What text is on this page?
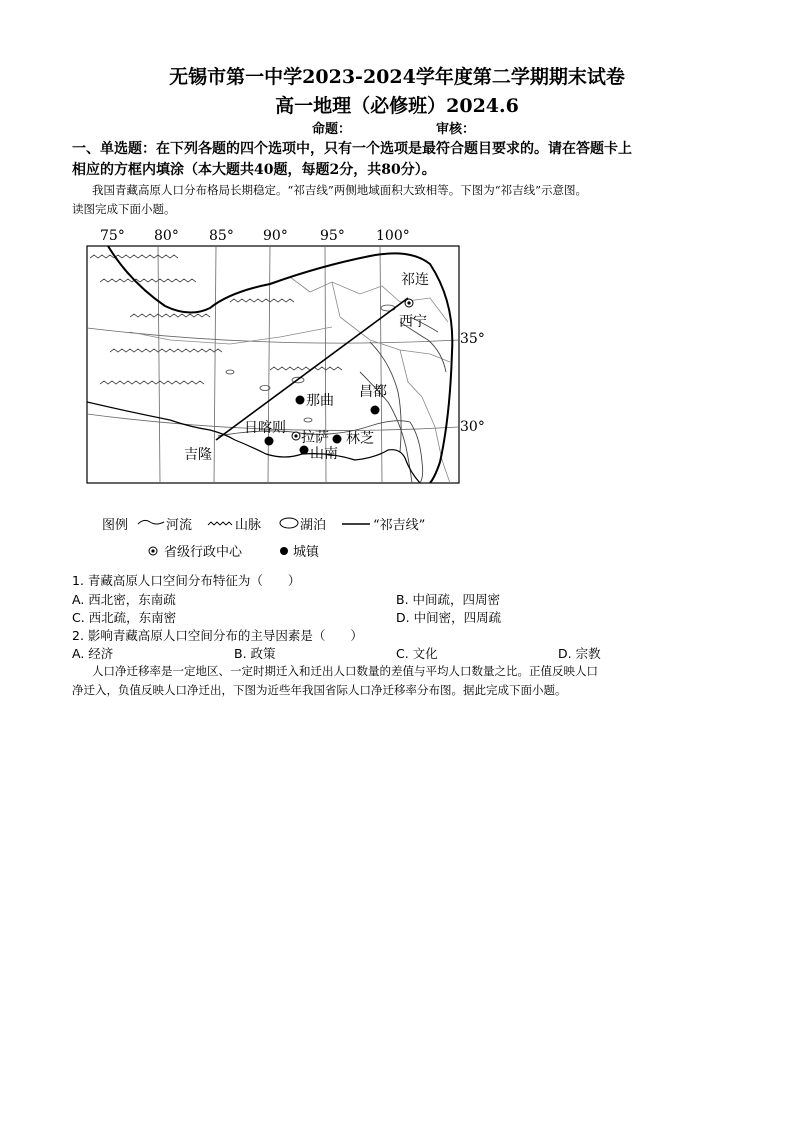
无锡市第一中学2023-2024学年度第二学期期末试卷
高一地理（必修班）2024.6
命题：	审核：
一、单选题：在下列各题的四个选项中，只有一个选项是最符合题目要求的。请在答题卡上
相应的方框内填涂（本大题共40题，每题2分，共80分）。
我国青藏高原人口分布格局长期稳定。“祁吉线”两侧地域面积大致相等。下图为“祁吉线”示意图。
读图完成下面小题。
75° 80° 85° 90° 95° 100°
35°
30°
祁连
西宁
那曲
昌都
日喀则
拉萨 林芝
山南
吉隆
图例	河流	山脉	湖泊	“祁吉线”
省级行政中心	城镇
1. 青藏高原人口空间分布特征为（　　）
A. 西北密，东南疏	B. 中间疏，四周密
C. 西北疏，东南密	D. 中间密，四周疏
2. 影响青藏高原人口空间分布的主导因素是（　　）
A. 经济	B. 政策	C. 文化	D. 宗教
人口净迁移率是一定地区、一定时期迁入和迁出人口数量的差值与平均人口数量之比。正值反映人口
净迁入，负值反映人口净迁出，下图为近些年我国省际人口净迁移率分布图。据此完成下面小题。
